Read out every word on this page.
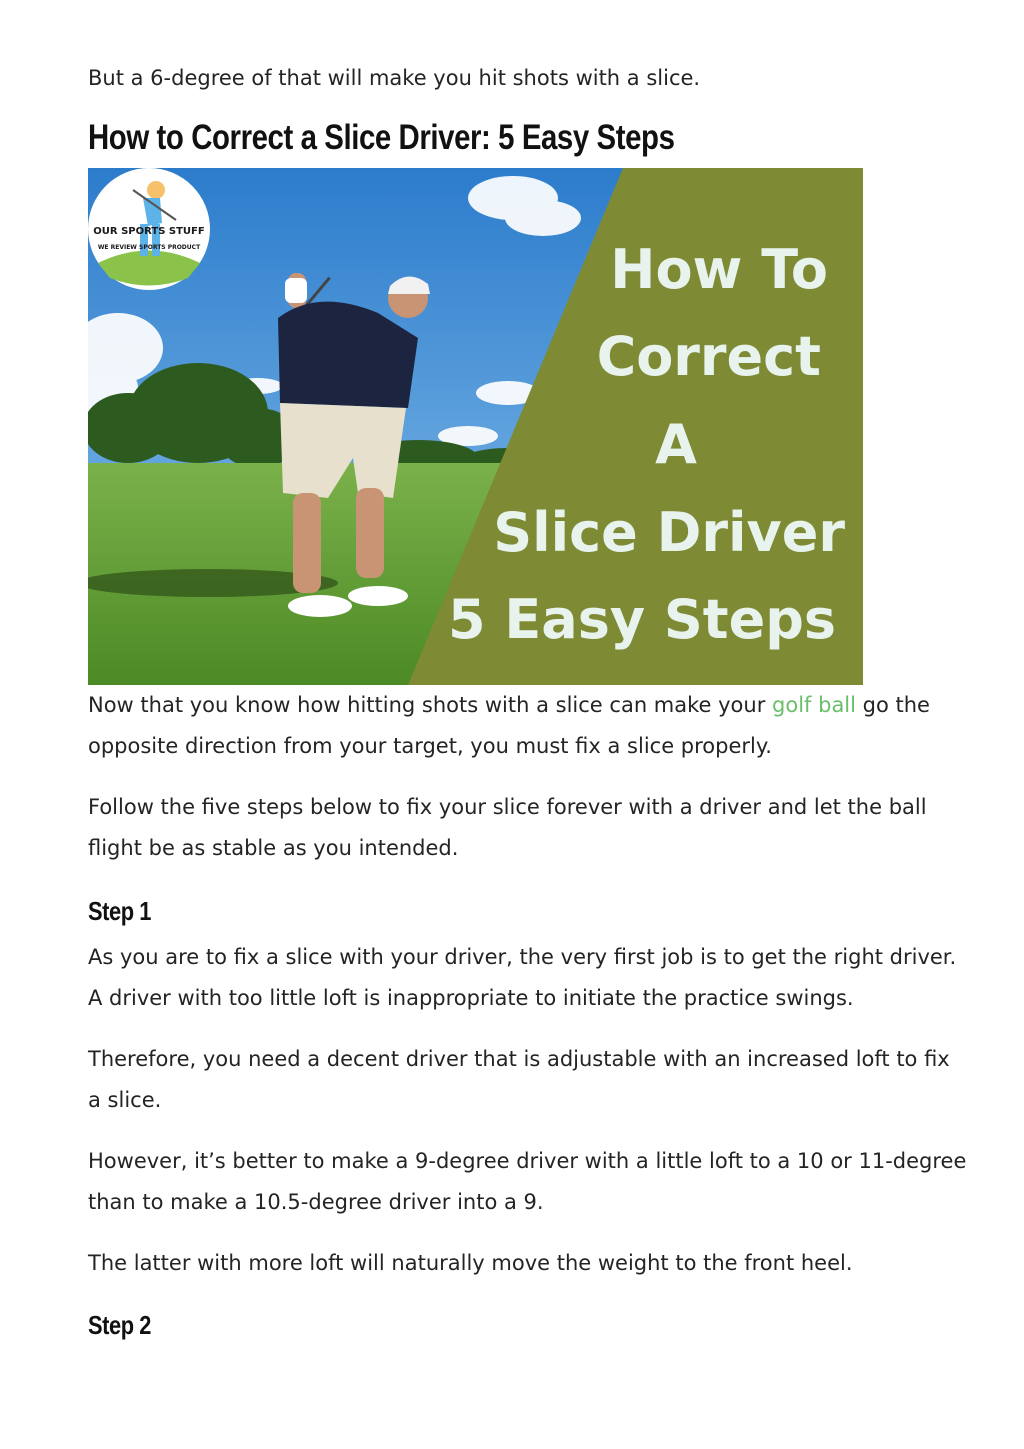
But a 6-degree of that will make you hit shots with a slice.

How to Correct a Slice Driver: 5 Easy Steps
How To
Correct
A
Slice Driver
5 Easy Steps
OUR SPORTS STUFF
WE REVIEW SPORTS PRODUCT

Now that you know how hitting shots with a slice can make your golf ball go the opposite direction from your target, you must fix a slice properly.

Follow the five steps below to fix your slice forever with a driver and let the ball flight be as stable as you intended.

Step 1

As you are to fix a slice with your driver, the very first job is to get the right driver. A driver with too little loft is inappropriate to initiate the practice swings.

Therefore, you need a decent driver that is adjustable with an increased loft to fix a slice.

However, it’s better to make a 9-degree driver with a little loft to a 10 or 11-degree than to make a 10.5-degree driver into a 9.

The latter with more loft will naturally move the weight to the front heel.

Step 2
